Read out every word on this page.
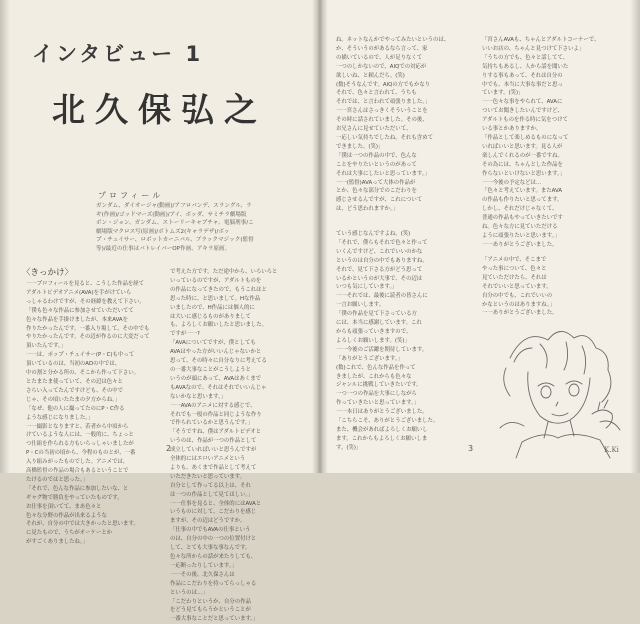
インタビュー 1
北久保弘之
プロフィール
ガンダム、ダイオージャ(動画)/アフロバンデ、スラングル、ラ
ギ(作画)/ゴッドマーズ(動画)/アイ、ボッダ、サミチラ劇場版
ボン・ジョン、ガンダム、ストーリーキャプチャ、電脳刑事/こ
劇場版マクロス写(原画)/ボトムズ2(キャラデザ)/ボッ
プ・チュイサー、ロボットカーニバル、ブラックマジック(監督
等)/最近の仕事はバトレイバーOP作画、アキラ原画。
〈きっかけ〉
一一プロフィールを見ると、こうした作品を経て
アダルトビデオアニメ(AVA)を手がけていら
っしゃるわけですが、その経緯を教えて下さい。
「僕も色々な作品に参加させていただいてて
色々な作品を手掛けましたが、本来AVAを
作りたかったんです。一番入り場して、その中でも
やりたかったんです。その辺が作るのに大変だって
頂いたんです。」
一一は、ポップ・チュイサー(P・C)も中って
頂いているのは、当初のADの中では、
中の割と分かる所の、そこから作って下さい。
とたまたま使っていて、その辺は色々と
さらい入ってたんですけども、その中で
じゃ、その頃いたたまの夕方からね。」
「なぜ、他の人に撮ってたのにP・C作る
ような感じになりました。」
一一撮影となりますと、若者から中頃から
けているような人には、一般的に、ちょっと
つ仕組を作られる方もいらっしゃいましたが
P・Cの当初の頃から、今程のものとが、一番
入り組みがったものでした。アニメでは、
高橋監督の作品の場合もあるということで
たけるのではと思った。」
「それで、色んな作品に参加したいな、と
ギャグ物で勝負をやっていたものです。
お仕事を頂いてて、まあ色々と
色々な分野の作品が出来るような
それが、自分の中では大きかったと思います。
に見たもので、うちがオーケーとか
がすごくありましたね。」
で考えた方です。ただ途中から、いろいろと
いっているのですが、アダルトものを
の作品になってきたので、もうこれはと
思った時に、と思いまして。Hな作品
いましたので、H作品には個人的に
は大いに感じるものがありまして
も、よろしくお願いしたと思いました。
ですが一一?
「AVAについてですが、僕としても
AVAはやった方がいいんじゃないかと
思って、その時々に自分なりに考えてる
の一番大事なことがこうしようと
いうのが頭にあって、AVAはあくまで
もAVAなので、それはそれでいいんじゃ
ないかなと思います。」
一一AVAのアニメに対する感じで、
それでも一般の作品と同じような作り
で作られているかと思うんです。」
「そうですね、僕はアダルトビデオと
いうのは、作品が一つの作品として
成立していればいいと思うんですが
全体的にはエロいアニメという
よりも、あくまで作品として考えて
いただきたいと思っています。
自分として作ってる以上は、それ
は一つの作品として見てほしい。」
一一仕事を見ると、全体的にはAVAと
いうものに対して、こだわりを感じ
ますが、その辺はどうですか。
「仕事の中でもAVAの仕事という
のは、自分の中の一つの位置付けと
して、とても大事な事なんです。
色々な所からの話が来たりしても、
一応断ったりしています。」
一一その後、北久保さんは
作品にこだわりを持ってらっしゃる
というのは…」
「こだわりというか、自分の作品
をどう見てもらうかということが
一番大事なことだと思っています。」
2
ね。ネットなんかでやってみたいというのは、
か、そういうのがあるなら言って、家
の描いているので、人が足りなくて
一つのしかないので、AIQでの対応が
欲しいね、と頼んだら。(笑)
(数)そうなんです。AIQの方でもかなり
それで、色々と言われて、うちも
それでは、と言われて頑張りました。」
一一宮さんはさっきくそういうことを
その時に話されていました。その後、
お兄さんに見せていただいて、
一応しい気持ちでしたね。それも含めて
できました。(笑)」
「僕は一つの作品の中で、色んな
ことをやりたいというのがあって
それは大事にしたいと思っています。」
一一(監督)AVAって大体の作品が
とか、色々な部分でのこだわりを
感じさせるんですが、これについて
は、どう思われますか。」
「宮さんAVAも、ちゃんとアダルトコーナーで、
いいお店の、ちゃんと見つけて下さいよ」
「うちの方でも、色々と話してて、
気持ちもあるし、人から話を聞いた
りする事もあって、それは自分の
中でも、本当に大事な事だと思っ
ています。(笑)」
一一色々な事をやられて、AVAに
ついてお聞きしたいんですけど、
アダルトものを作る時に気をつけて
いる事とかありますか。
「作品として楽しめるものになって
いればいいと思います。見る人が
楽しんでくれるのが一番ですね。
その為には、ちゃんとした作品を
作らないといけないと思います。」
一一今後の予定などは…
「色々と考えています。またAVA
の作品も作りたいと思ってます。
しかし、それだけじゃなくて、
普通の作品もやっていきたいです
ね。色々な方に見ていただける
ように頑張りたいと思います。」
一一ありがとうございました。
ていう感じなんですよね。(笑)
「それで、僕らもそれで色々と作って
いくんですけど、これでいいのかな
というのは自分の中でもありますね。
それで、見て下さる方がどう思って
いるかというのが大事で、その辺は
いつも気にしています。」
一一それでは、最後に読者の皆さんに
一言お願いします。
「僕の作品を見て下さっている方
には、本当に感謝しています。これ
からも頑張っていきますので、
よろしくお願いします。(笑)」
一一今後のご活躍を期待しています。
「ありがとうございます。」
(数)これで、色んな作品を作って
きましたが、これからも色々な
ジャンルに挑戦していきたいです。
一つ一つの作品を大事にしながら
作っていきたいと思っています。」
一一本日はありがとうございました。
「こちらこそ、ありがとうございました。
また、機会があればよろしくお願いし
ます。これからもよろしくお願いしま
す。(笑)」
「アニメの中で、そこまで
やった事について、色々と
見ていただけたら、それは
それでいいと思っています。
自分の中でも、これでいいの
かなというのはありますね。」
一一ありがとうございました。
K.Ki
3
